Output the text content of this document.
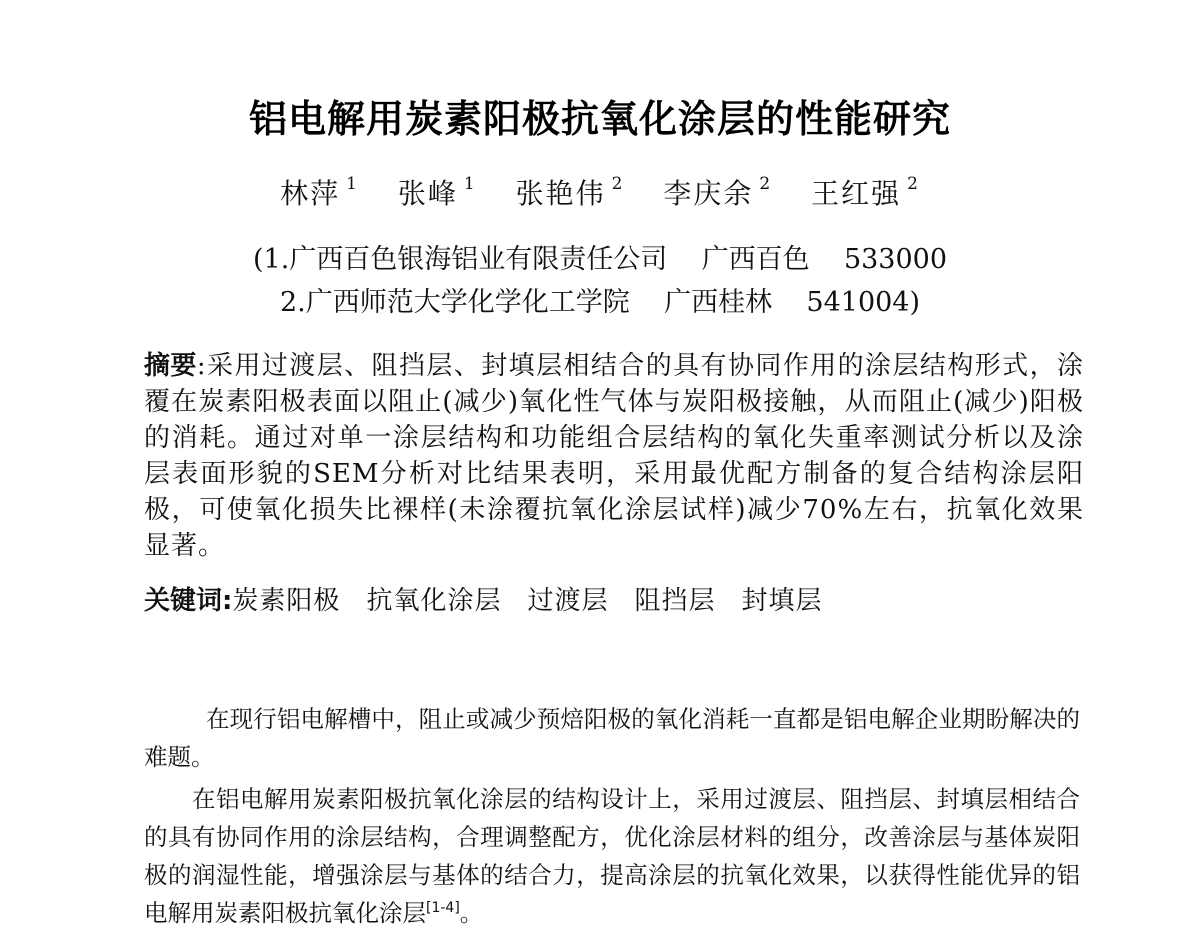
铝电解用炭素阳极抗氧化涂层的性能研究
林萍 $^1$ 张峰 $^1$ 张艳伟 $^2$ 李庆余 $^2$ 王红强 $^2$
(1.广西百色银海铝业有限责任公司    广西百色    533000
2.广西师范大学化学化工学院    广西桂林    541004)
摘要:采用过渡层、阻挡层、封填层相结合的具有协同作用的涂层结构形式，涂覆在炭素阳极表面以阻止(减少)氧化性气体与炭阳极接触，从而阻止(减少)阳极的消耗。通过对单一涂层结构和功能组合层结构的氧化失重率测试分析以及涂层表面形貌的SEM分析对比结果表明，采用最优配方制备的复合结构涂层阳极，可使氧化损失比裸样(未涂覆抗氧化涂层试样)减少70%左右，抗氧化效果显著。
关键词:炭素阳极 抗氧化涂层 过渡层 阻挡层 封填层
在现行铝电解槽中，阻止或减少预焙阳极的氧化消耗一直都是铝电解企业期盼解决的难题。
在铝电解用炭素阳极抗氧化涂层的结构设计上，采用过渡层、阻挡层、封填层相结合的具有协同作用的涂层结构，合理调整配方，优化涂层材料的组分，改善涂层与基体炭阳极的润湿性能，增强涂层与基体的结合力，提高涂层的抗氧化效果，以获得性能优异的铝电解用炭素阳极抗氧化涂层[1-4]。
